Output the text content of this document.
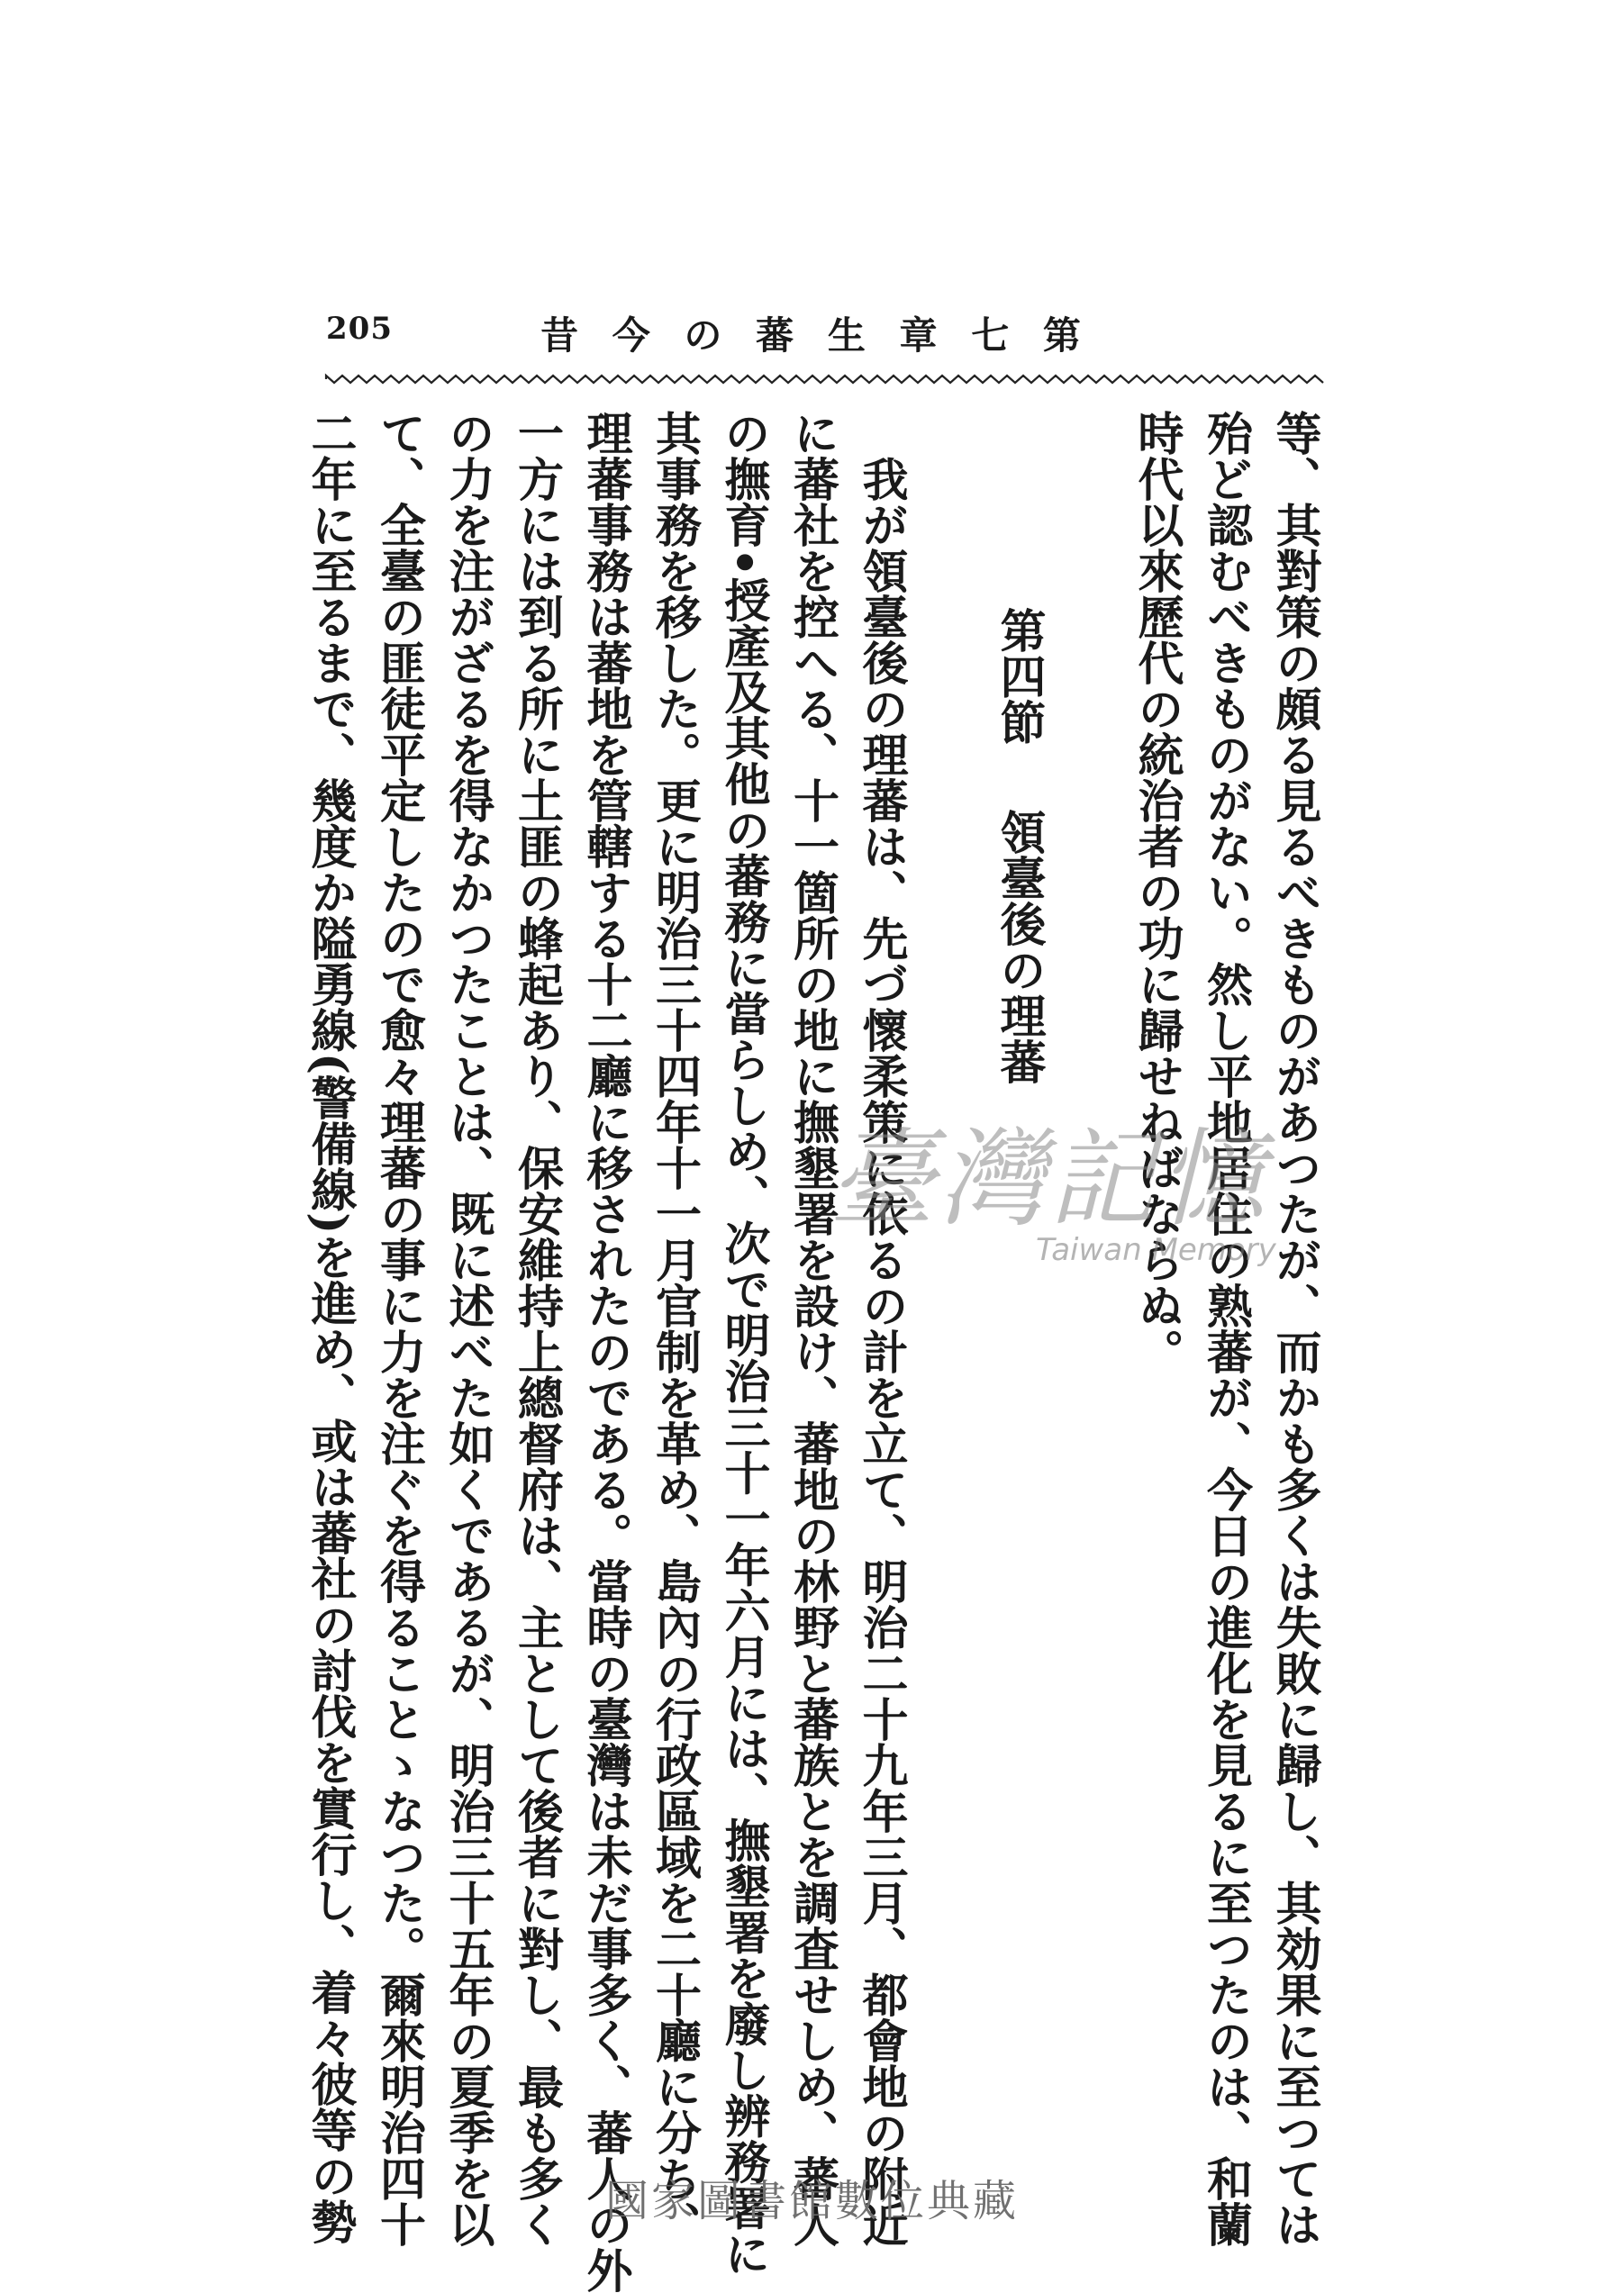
205	第
七
章
生
蕃
の
今
昔

等、其對策の頗る見るべきものがあつたが、而かも多くは失敗に歸し、其効果に至つては

殆ど認むべきものがない。然し平地居住の熟蕃が、今日の進化を見るに至つたのは、和蘭

時代以來歷代の統治者の功に歸せねばならぬ。

第四節　領臺後の理蕃

我が領臺後の理蕃は、先づ懷柔策に依るの計を立て、明治二十九年三月、都會地の附近

に蕃社を控へる、十一箇所の地に撫墾署を設け、蕃地の林野と蕃族とを調査せしめ、蕃人

の撫育•授產及其他の蕃務に當らしめ、次で明治三十一年六月には、撫墾署を廢し辨務署に

其事務を移した。更に明治三十四年十一月官制を革め、島內の行政區域を二十廳に分ち、

理蕃事務は蕃地を管轄する十二廳に移されたのである。當時の臺灣は未だ事多く、蕃人の外

一方には到る所に土匪の蜂起あり、保安維持上總督府は、主として後者に對し、最も多く

の力を注がざるを得なかつたことは、既に述べた如くであるが、明治三十五年の夏季を以

て、全臺の匪徒平定したので愈々理蕃の事に力を注ぐを得ることゝなつた。爾來明治四十

二年に至るまで、幾度か隘勇線(警備線)を進め、或は蕃社の討伐を實行し、着々彼等の勢	臺灣記憶
Taiwan Memory
國家圖書館數位典藏
